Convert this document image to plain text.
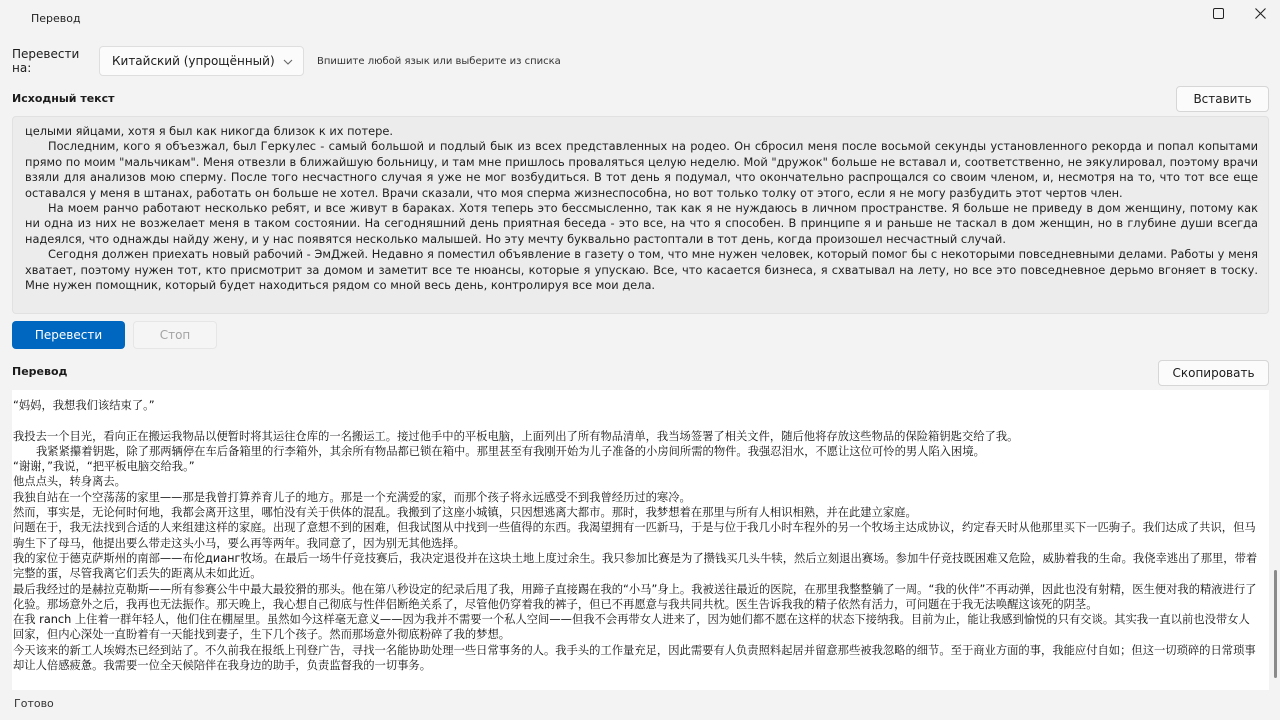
Перевод
Перевести на:	Китайский (упрощённый)	Впишите любой язык или выберите из списка
Исходный текст	Вставить

целыми яйцами, хотя я был как никогда близок к их потере.

Последним, кого я объезжал, был Геркулес - самый большой и подлый бык из всех представленных на родео. Он сбросил меня после восьмой секунды установленного рекорда и попал копытами прямо по моим "мальчикам". Меня отвезли в ближайшую больницу, и там мне пришлось проваляться целую неделю. Мой "дружок" больше не вставал и, соответственно, не эякулировал, поэтому врачи взяли для анализов мою сперму. После того несчастного случая я уже не мог возбудиться. В тот день я подумал, что окончательно распрощался со своим членом, и, несмотря на то, что тот все еще оставался у меня в штанах, работать он больше не хотел. Врачи сказали, что моя сперма жизнеспособна, но вот только толку от этого, если я не могу разбудить этот чертов член.

На моем ранчо работают несколько ребят, и все живут в бараках. Хотя теперь это бессмысленно, так как я не нуждаюсь в личном пространстве. Я больше не приведу в дом женщину, потому как ни одна из них не возжелает меня в таком состоянии. На сегодняшний день приятная беседа - это все, на что я способен. В принципе я и раньше не таскал в дом женщин, но в глубине души всегда надеялся, что однажды найду жену, и у нас появятся несколько малышей. Но эту мечту буквально растоптали в тот день, когда произошел несчастный случай.

Сегодня должен приехать новый рабочий - ЭмДжей. Недавно я поместил объявление в газету о том, что мне нужен человек, который помог бы с некоторыми повседневными делами. Работы у меня хватает, поэтому нужен тот, кто присмотрит за домом и заметит все те нюансы, которые я упускаю. Все, что касается бизнеса, я схватывал на лету, но все это повседневное дерьмо вгоняет в тоску. Мне нужен помощник, который будет находиться рядом со мной весь день, контролируя все мои дела.

Перевести	Стоп
Перевод	Скопировать

“妈妈，我想我们该结束了。”

我投去一个目光，看向正在搬运我物品以便暂时将其运往仓库的一名搬运工。接过他手中的平板电脑，上面列出了所有物品清单，我当场签署了相关文件，随后他将存放这些物品的保险箱钥匙交给了我。

我紧紧攥着钥匙，除了那两辆停在车后备箱里的行李箱外，其余所有物品都已锁在箱中。那里甚至有我刚开始为儿子准备的小房间所需的物件。我强忍泪水，不愿让这位可怜的男人陷入困境。

“谢谢，”我说，“把平板电脑交给我。”

他点点头，转身离去。

我独自站在一个空荡荡的家里——那是我曾打算养育儿子的地方。那是一个充满爱的家，而那个孩子将永远感受不到我曾经历过的寒冷。

然而，事实是，无论何时何地，我都会离开这里，哪怕没有关于供体的混乱。我搬到了这座小城镇，只因想逃离大都市。那时，我梦想着在那里与所有人相识相熟，并在此建立家庭。

问题在于，我无法找到合适的人来组建这样的家庭。出现了意想不到的困难，但我试图从中找到一些值得的东西。我渴望拥有一匹新马，于是与位于我几小时车程外的另一个牧场主达成协议，约定春天时从他那里买下一匹驹子。我们达成了共识，但马驹生下了母马，他提出要么带走这头小马，要么再等两年。我同意了，因为别无其他选择。

我的家位于德克萨斯州的南部——布伦дианг牧场。在最后一场牛仔竞技赛后，我决定退役并在这块土地上度过余生。我只参加比赛是为了攒钱买几头牛犊，然后立刻退出赛场。参加牛仔竞技既困难又危险，威胁着我的生命。我侥幸逃出了那里，带着完整的蛋，尽管我离它们丢失的距离从未如此近。

最后我经过的是赫拉克勒斯——所有参赛公牛中最大最狡猾的那头。他在第八秒设定的纪录后甩了我，用蹄子直接踢在我的“小马”身上。我被送往最近的医院，在那里我整整躺了一周。“我的伙伴”不再动弹，因此也没有射精，医生便对我的精液进行了化验。那场意外之后，我再也无法振作。那天晚上，我心想自己彻底与性伴侣断绝关系了，尽管他仍穿着我的裤子，但已不再愿意与我共同共枕。医生告诉我我的精子依然有活力，可问题在于我无法唤醒这该死的阴茎。

在我 ranch 上住着一群年轻人，他们住在棚屋里。虽然如今这样毫无意义——因为我并不需要一个私人空间——但我不会再带女人进来了，因为她们都不愿在这样的状态下接纳我。目前为止，能让我感到愉悦的只有交谈。其实我一直以前也没带女人回家，但内心深处一直盼着有一天能找到妻子，生下几个孩子。然而那场意外彻底粉碎了我的梦想。

今天该来的新工人埃姆杰已经到站了。不久前我在报纸上刊登广告，寻找一名能协助处理一些日常事务的人。我手头的工作量充足，因此需要有人负责照料起居并留意那些被我忽略的细节。至于商业方面的事，我能应付自如；但这一切琐碎的日常琐事却让人倍感疲惫。我需要一位全天候陪伴在我身边的助手，负责监督我的一切事务。

Готово
